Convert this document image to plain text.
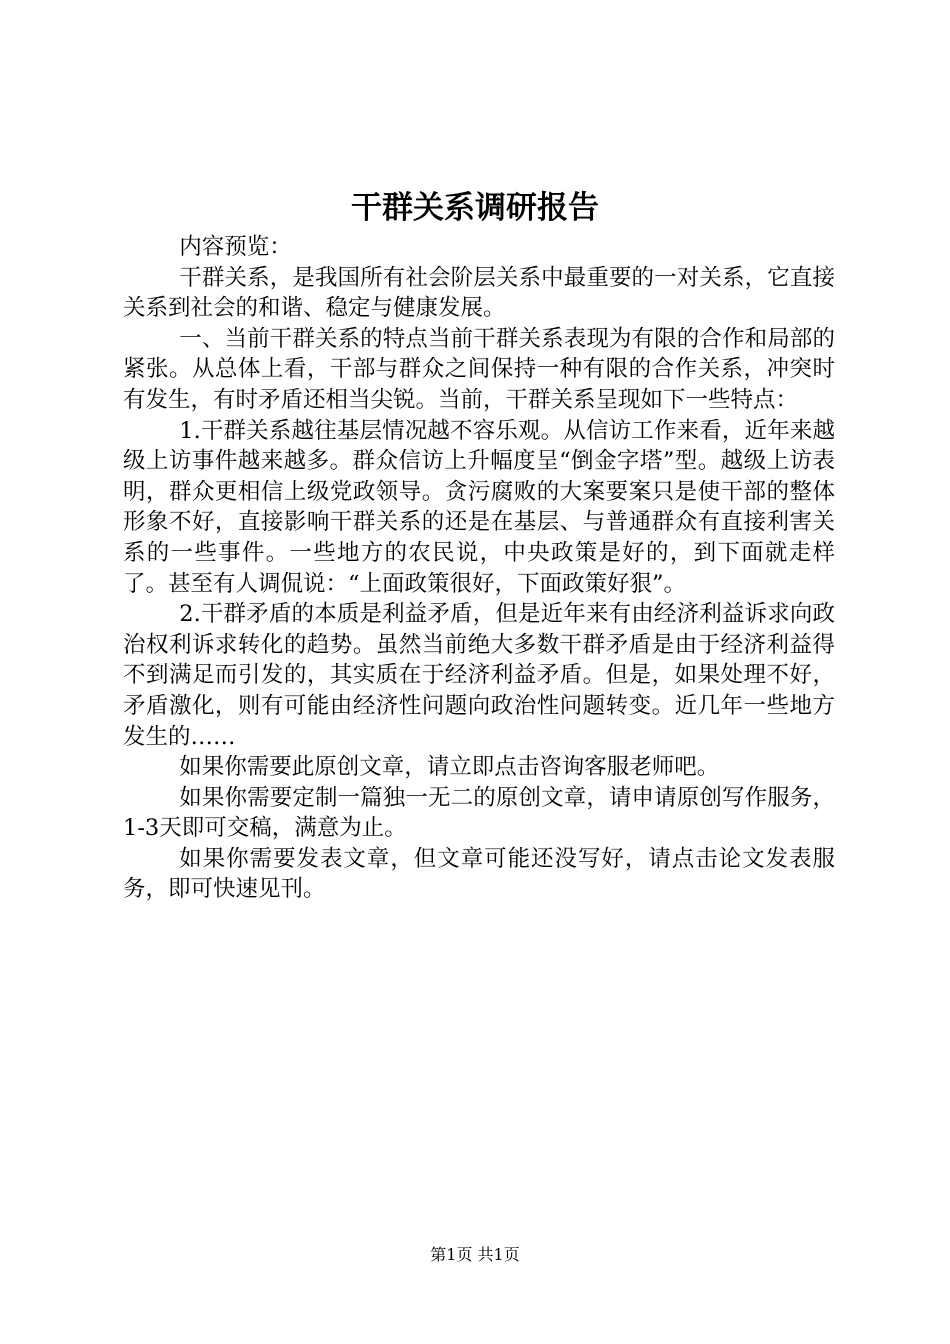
干群关系调研报告

内容预览：

干群关系，是我国所有社会阶层关系中最重要的一对关系，它直接关系到社会的和谐、稳定与健康发展。

一、当前干群关系的特点当前干群关系表现为有限的合作和局部的紧张。从总体上看，干部与群众之间保持一种有限的合作关系，冲突时有发生，有时矛盾还相当尖锐。当前，干群关系呈现如下一些特点：

1.干群关系越往基层情况越不容乐观。从信访工作来看，近年来越级上访事件越来越多。群众信访上升幅度呈“倒金字塔”型。越级上访表明，群众更相信上级党政领导。贪污腐败的大案要案只是使干部的整体形象不好，直接影响干群关系的还是在基层、与普通群众有直接利害关系的一些事件。一些地方的农民说，中央政策是好的，到下面就走样了。甚至有人调侃说：“上面政策很好，下面政策好狠”。

2.干群矛盾的本质是利益矛盾，但是近年来有由经济利益诉求向政治权利诉求转化的趋势。虽然当前绝大多数干群矛盾是由于经济利益得不到满足而引发的，其实质在于经济利益矛盾。但是，如果处理不好，矛盾激化，则有可能由经济性问题向政治性问题转变。近几年一些地方发生的……

如果你需要此原创文章，请立即点击咨询客服老师吧。

如果你需要定制一篇独一无二的原创文章，请申请原创写作服务，1-3天即可交稿，满意为止。

如果你需要发表文章，但文章可能还没写好，请点击论文发表服务，即可快速见刊。

第1页 共1页
